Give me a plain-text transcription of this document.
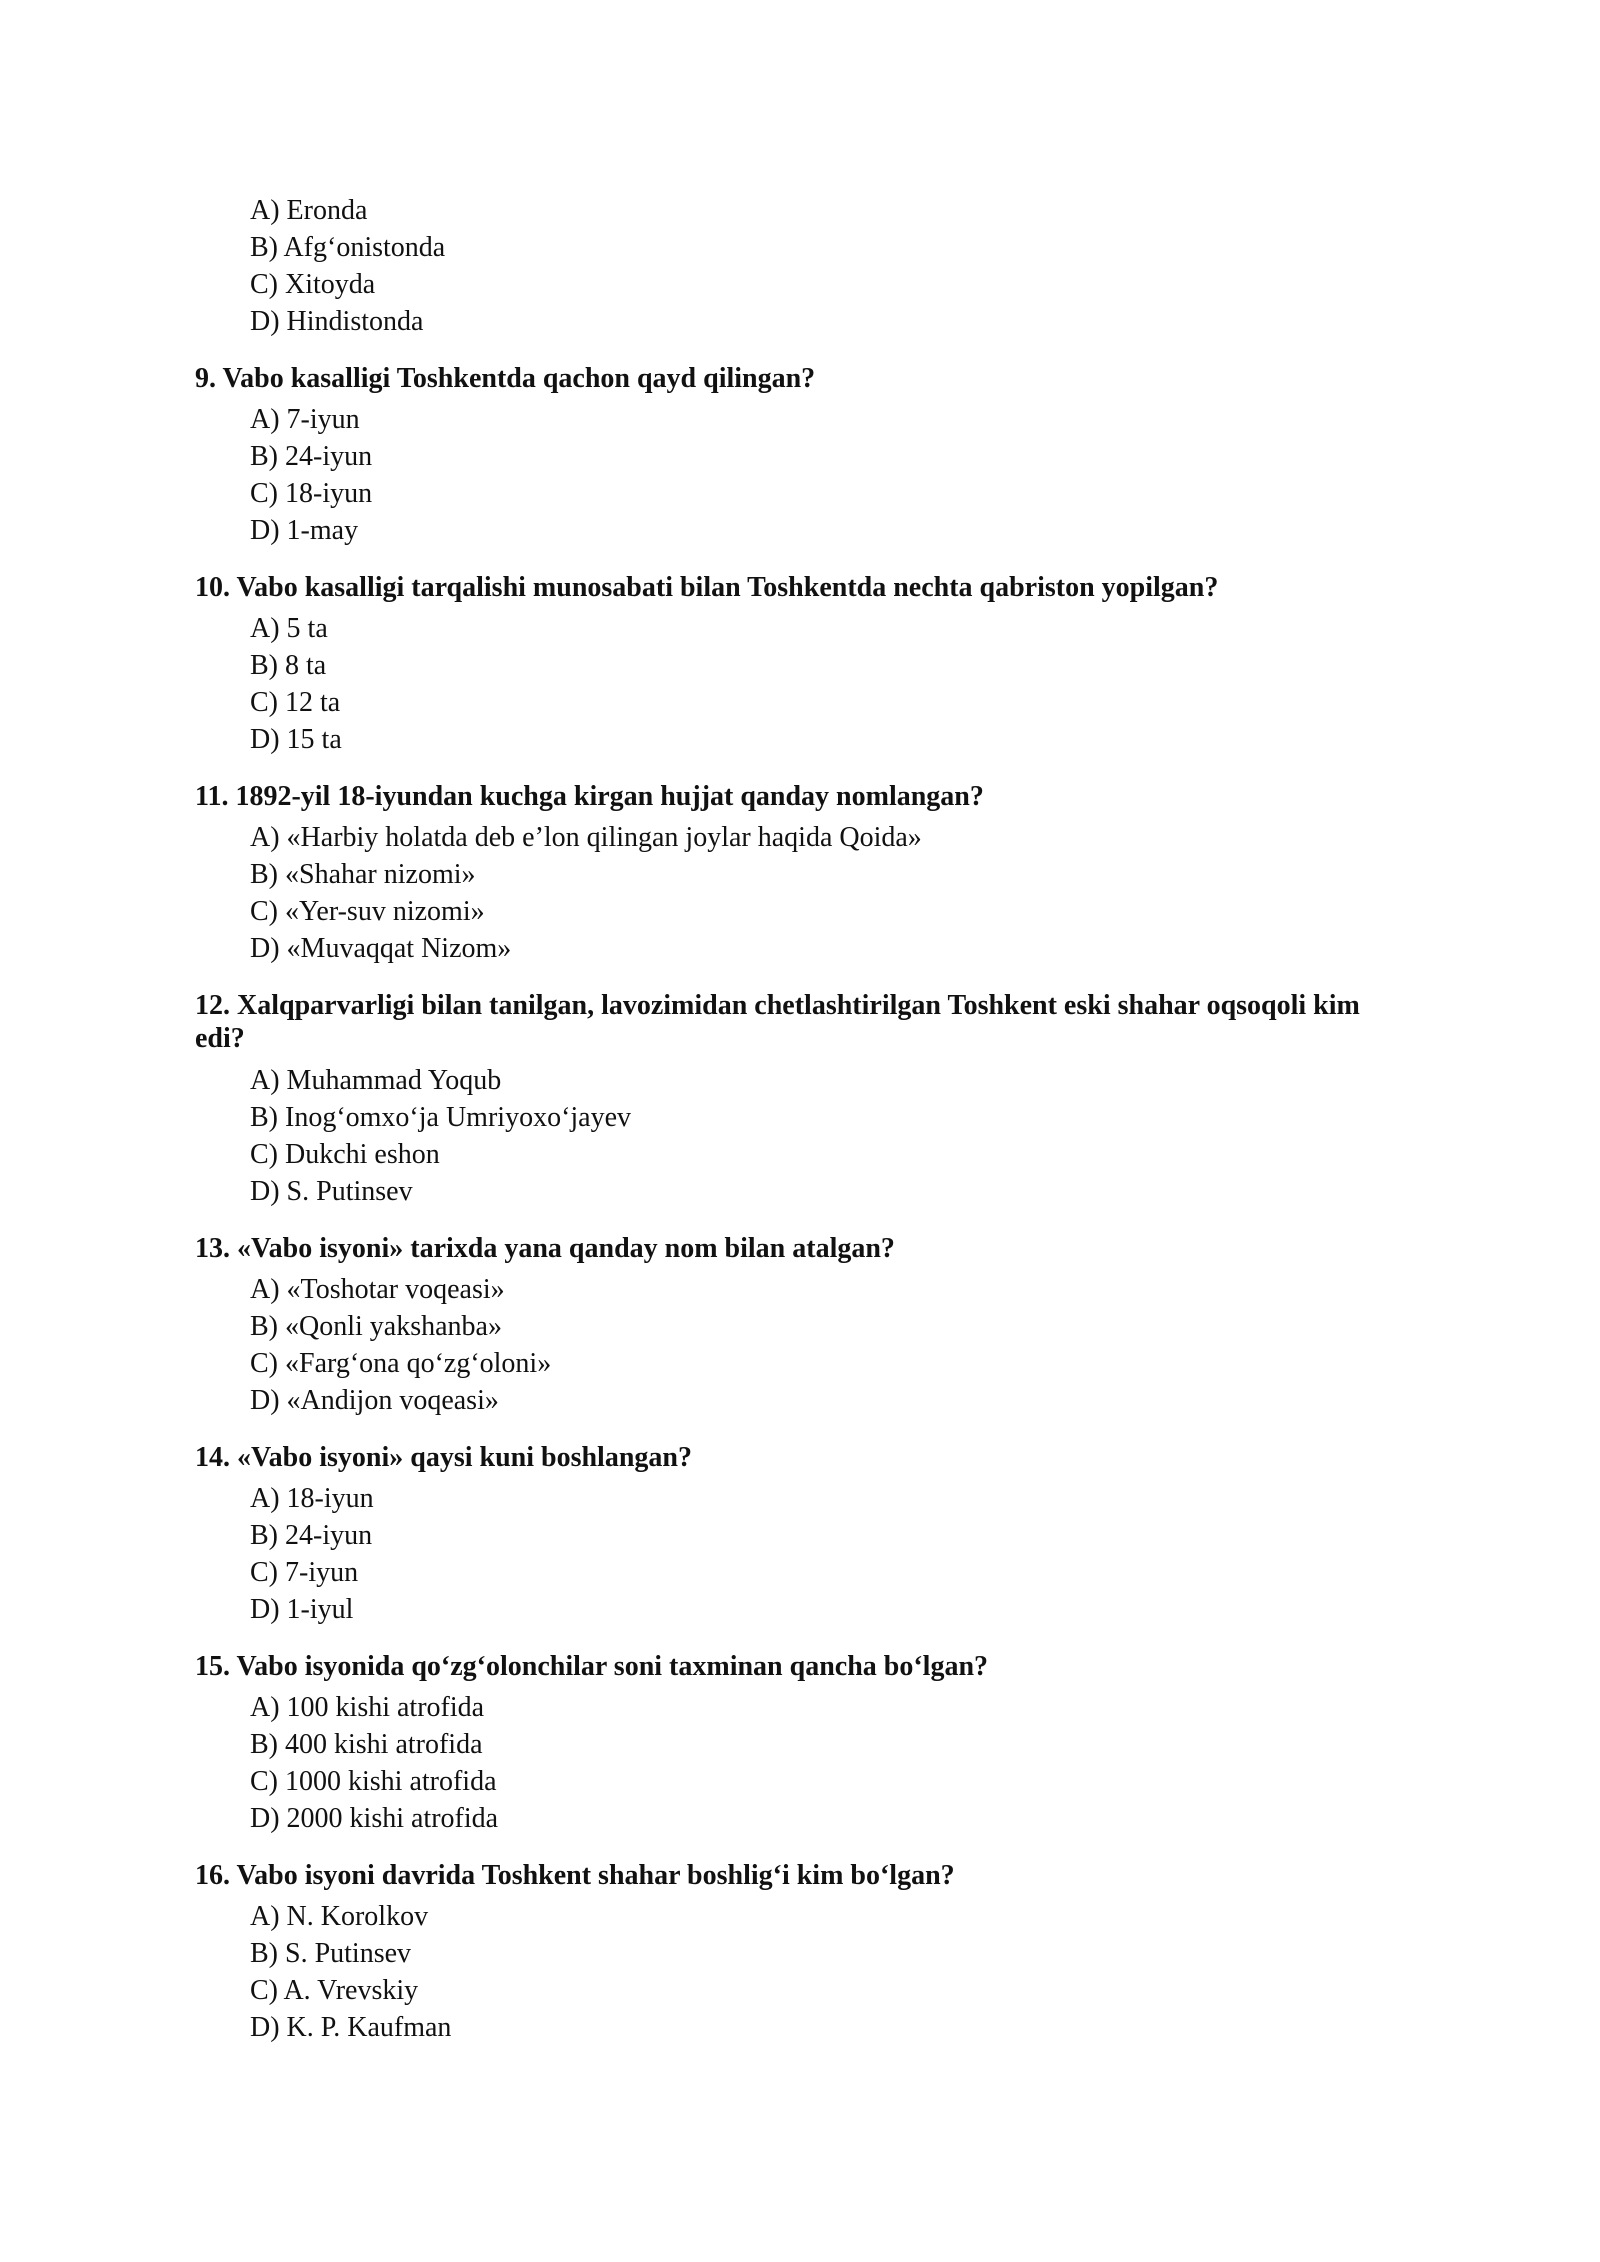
A) Eronda
B) Afg‘onistonda
C) Xitoyda
D) Hindistonda

9. Vabo kasalligi Toshkentda qachon qayd qilingan?

A) 7-iyun
B) 24-iyun
C) 18-iyun
D) 1-may

10. Vabo kasalligi tarqalishi munosabati bilan Toshkentda nechta qabriston yopilgan?

A) 5 ta
B) 8 ta
C) 12 ta
D) 15 ta

11. 1892-yil 18-iyundan kuchga kirgan hujjat qanday nomlangan?

A) «Harbiy holatda deb e’lon qilingan joylar haqida Qoida»
B) «Shahar nizomi»
C) «Yer-suv nizomi»
D) «Muvaqqat Nizom»

12. Xalqparvarligi bilan tanilgan, lavozimidan chetlashtirilgan Toshkent eski shahar oqsoqoli kim edi?

A) Muhammad Yoqub
B) Inog‘omxo‘ja Umriyoxo‘jayev
C) Dukchi eshon
D) S. Putinsev

13. «Vabo isyoni» tarixda yana qanday nom bilan atalgan?

A) «Toshotar voqeasi»
B) «Qonli yakshanba»
C) «Farg‘ona qo‘zg‘oloni»
D) «Andijon voqeasi»

14. «Vabo isyoni» qaysi kuni boshlangan?

A) 18-iyun
B) 24-iyun
C) 7-iyun
D) 1-iyul

15. Vabo isyonida qo‘zg‘olonchilar soni taxminan qancha bo‘lgan?

A) 100 kishi atrofida
B) 400 kishi atrofida
C) 1000 kishi atrofida
D) 2000 kishi atrofida

16. Vabo isyoni davrida Toshkent shahar boshlig‘i kim bo‘lgan?

A) N. Korolkov
B) S. Putinsev
C) A. Vrevskiy
D) K. P. Kaufman
